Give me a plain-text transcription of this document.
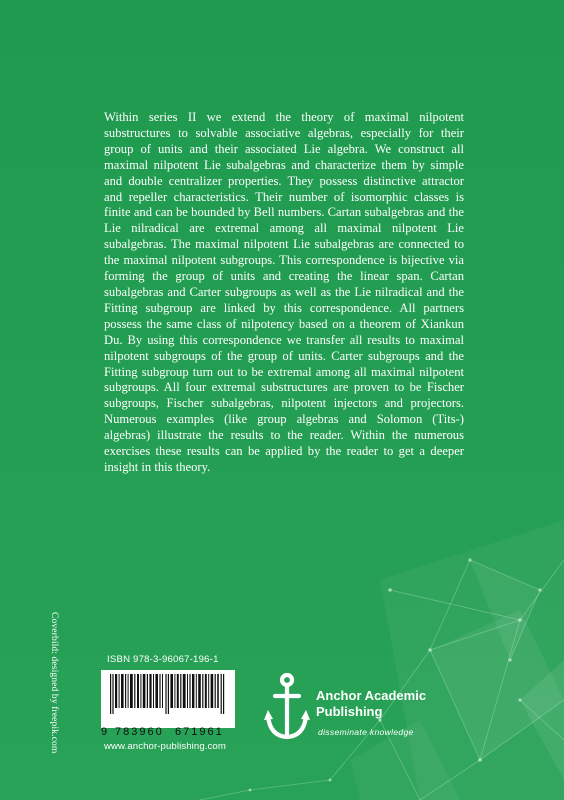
Within series II we extend the theory of maximal nilpotent substructures to solvable associative algebras, especially for their group of units and their associated Lie algebra. We construct all maximal nilpotent Lie subalgebras and characterize them by simple and double centralizer properties. They possess distinctive attractor and repeller characteristics. Their number of isomorphic classes is finite and can be bounded by Bell numbers. Cartan subalgebras and the Lie nilradical are extremal among all maximal nilpotent Lie subalgebras. The maximal nilpotent Lie subalgebras are connected to the maximal nilpotent subgroups. This correspondence is bijective via forming the group of units and creating the linear span. Cartan subalgebras and Carter subgroups as well as the Lie nilradical and the Fitting subgroup are linked by this correspondence. All partners possess the same class of nilpotency based on a theorem of Xiankun Du. By using this correspondence we transfer all results to maximal nilpotent subgroups of the group of units. Carter subgroups and the Fitting subgroup turn out to be extremal among all maximal nilpotent subgroups. All four extremal substructures are proven to be Fischer subgroups, Fischer subalgebras, nilpotent injectors and projectors. Numerous examples (like group algebras and Solomon (Tits-) algebras) illustrate the results to the reader. Within the numerous exercises these results can be applied by the reader to get a deeper insight in this theory.

Coverbild: designed by freepik.com	ISBN 978-3-96067-196-1
9 783960 671961
www.anchor-publishing.com

Anchor Academic
Publishing

disseminate knowledge
